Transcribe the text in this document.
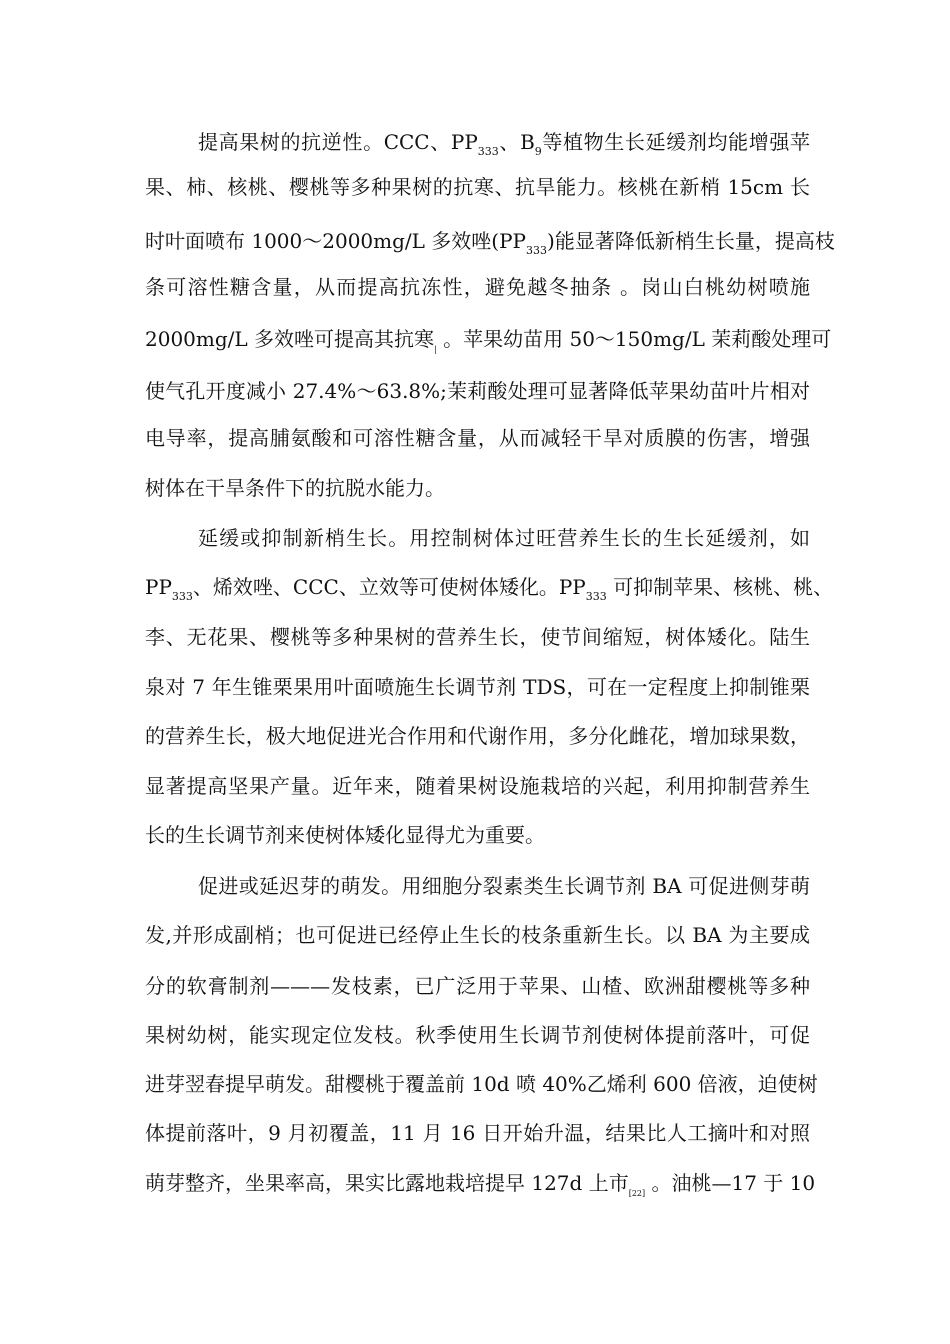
提高果树的抗逆性。CCC、$PP_{333}$、$B_9$等植物生长延缓剂均能增强苹
果、柿、核桃、樱桃等多种果树的抗寒、抗旱能力。核桃在新梢 15cm 长
时叶面喷布 1000～2000mg/L 多效唑$(PP_{333})$能显著降低新梢生长量，提高枝
条可溶性糖含量，从而提高抗冻性，避免越冬抽条 。岗山白桃幼树喷施
2000mg/L 多效唑可提高其抗寒$_|$ 。苹果幼苗用 50～150mg/L 茉莉酸处理可
使气孔开度减小 27.4%～63.8%;茉莉酸处理可显著降低苹果幼苗叶片相对
电导率，提高脯氨酸和可溶性糖含量，从而减轻干旱对质膜的伤害，增强
树体在干旱条件下的抗脱水能力。
延缓或抑制新梢生长。用控制树体过旺营养生长的生长延缓剂，如
$PP_{333}$、烯效唑、CCC、立效等可使树体矮化。$PP_{333}$ 可抑制苹果、核桃、桃、
李、无花果、樱桃等多种果树的营养生长，使节间缩短，树体矮化。陆生
泉对 7 年生锥栗果用叶面喷施生长调节剂 TDS，可在一定程度上抑制锥栗
的营养生长，极大地促进光合作用和代谢作用，多分化雌花，增加球果数，
显著提高坚果产量。近年来，随着果树设施栽培的兴起，利用抑制营养生
长的生长调节剂来使树体矮化显得尤为重要。
促进或延迟芽的萌发。用细胞分裂素类生长调节剂 BA 可促进侧芽萌
发,并形成副梢；也可促进已经停止生长的枝条重新生长。以 BA 为主要成
分的软膏制剂———发枝素，已广泛用于苹果、山楂、欧洲甜樱桃等多种
果树幼树，能实现定位发枝。秋季使用生长调节剂使树体提前落叶，可促
进芽翌春提早萌发。甜樱桃于覆盖前 10d 喷 40%乙烯利 600 倍液，迫使树
体提前落叶，9 月初覆盖，11 月 16 日开始升温，结果比人工摘叶和对照
萌芽整齐，坐果率高，果实比露地栽培提早 127d 上市$_{[22]}$ 。油桃—17 于 10
